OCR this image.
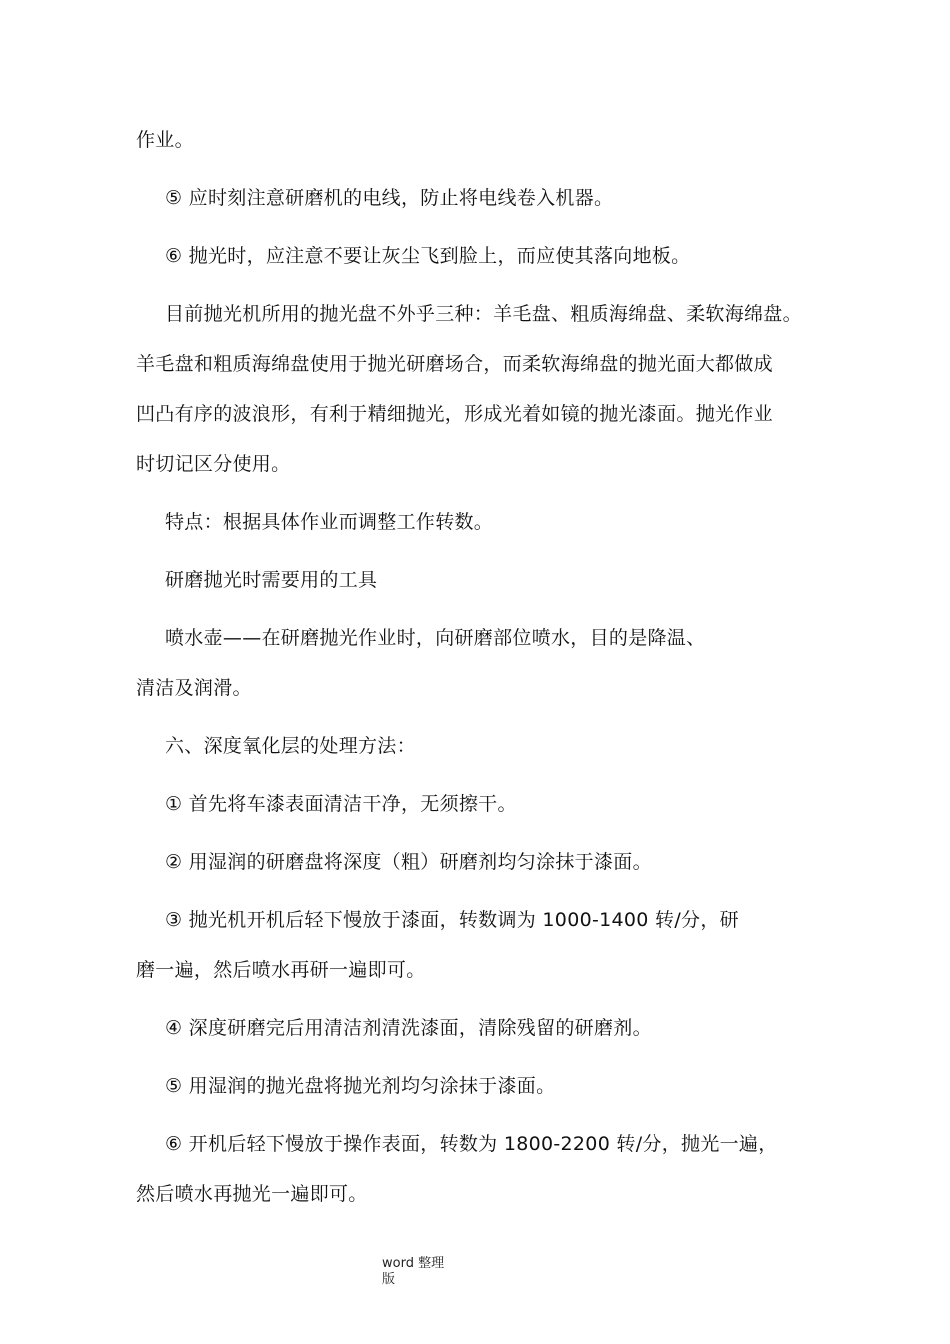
作业。
⑤ 应时刻注意研磨机的电线，防止将电线卷入机器。
⑥ 抛光时，应注意不要让灰尘飞到脸上，而应使其落向地板。
目前抛光机所用的抛光盘不外乎三种：羊毛盘、粗质海绵盘、柔软海绵盘。
羊毛盘和粗质海绵盘使用于抛光研磨场合，而柔软海绵盘的抛光面大都做成
凹凸有序的波浪形，有利于精细抛光，形成光着如镜的抛光漆面。抛光作业
时切记区分使用。
特点：根据具体作业而调整工作转数。
研磨抛光时需要用的工具
喷水壶——在研磨抛光作业时，向研磨部位喷水，目的是降温、
清洁及润滑。
六、深度氧化层的处理方法：
① 首先将车漆表面清洁干净，无须擦干。
② 用湿润的研磨盘将深度（粗）研磨剂均匀涂抹于漆面。
③ 抛光机开机后轻下慢放于漆面，转数调为 1000-1400 转/分，研
磨一遍，然后喷水再研一遍即可。
④ 深度研磨完后用清洁剂清洗漆面，清除残留的研磨剂。
⑤ 用湿润的抛光盘将抛光剂均匀涂抹于漆面。
⑥ 开机后轻下慢放于操作表面，转数为 1800-2200 转/分，抛光一遍，
然后喷水再抛光一遍即可。
word 整理版
